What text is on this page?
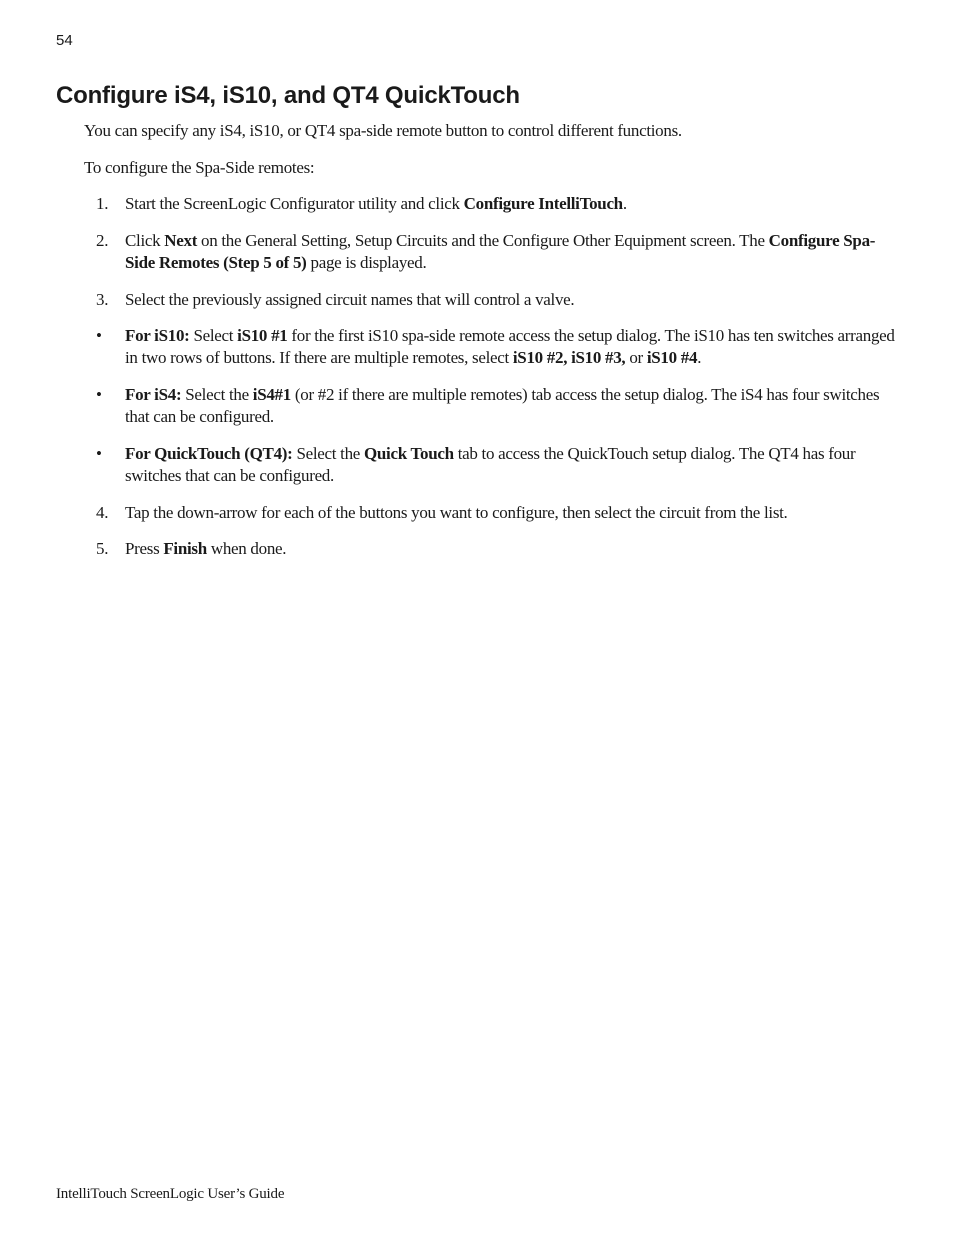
54
Configure iS4, iS10, and QT4 QuickTouch

You can specify any iS4, iS10, or QT4 spa-side remote button to control different functions.

To configure the Spa-Side remotes:

1. Start the ScreenLogic Configurator utility and click Configure IntelliTouch.
2. Click Next on the General Setting, Setup Circuits and the Configure Other Equipment screen. The Configure Spa-Side Remotes (Step 5 of 5) page is displayed.
3. Select the previously assigned circuit names that will control a valve.
• For iS10: Select iS10 #1 for the first iS10 spa-side remote access the setup dialog. The iS10 has ten switches arranged in two rows of buttons. If there are multiple remotes, select iS10 #2, iS10 #3, or iS10 #4.
• For iS4: Select the iS4#1 (or #2 if there are multiple remotes) tab access the setup dialog. The iS4 has four switches that can be configured.
• For QuickTouch (QT4): Select the Quick Touch tab to access the QuickTouch setup dialog. The QT4 has four switches that can be configured.
4. Tap the down-arrow for each of the buttons you want to configure, then select the circuit from the list.
5. Press Finish when done.
IntelliTouch ScreenLogic User’s Guide
